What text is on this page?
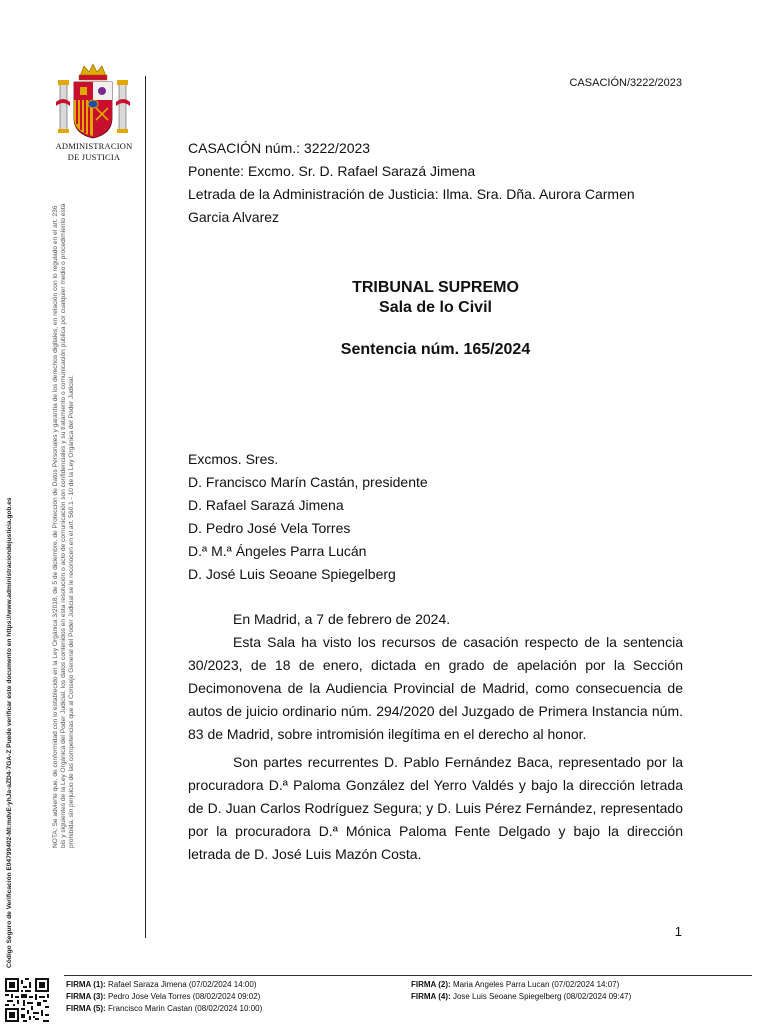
CASACIÓN/3222/2023
ADMINISTRACION
DE JUSTICIA
NOTA: Se advierte que, de conformidad con lo establecido en la Ley Orgánica 3/2018, de 5 de diciembre, de Protección de Datos Personales y garantía de los derechos digitales, en relación con lo regulado en el art. 236 bis y siguientes de la Ley Orgánica del Poder Judicial, los datos contenidos en esta resolución o acto de comunicación son confidenciales y su tratamiento o comunicación pública por cualquier medio o procedimiento está prohibida, sin perjuicio de las competencias que al Consejo General del Poder Judicial se le reconocen en el art. 560.1 - 10 de la Ley Orgánica del Poder Judicial.
Código Seguro de Verificación E04799402-MI:mdvE-yhJa-aZD4-7GA-Z Puede verificar este documento en https://www.administraciondejusticia.gob.es
CASACIÓN núm.: 3222/2023
Ponente: Excmo. Sr. D. Rafael Sarazá Jimena
Letrada de la Administración de Justicia: Ilma. Sra. Dña. Aurora Carmen
Garcia Alvarez
TRIBUNAL SUPREMO
Sala de lo Civil
Sentencia núm. 165/2024
Excmos. Sres.
D. Francisco Marín Castán, presidente
D. Rafael Sarazá Jimena
D. Pedro José Vela Torres
D.ª M.ª Ángeles Parra Lucán
D. José Luis Seoane Spiegelberg
En Madrid, a 7 de febrero de 2024.
Esta Sala ha visto los recursos de casación respecto de la sentencia 30/2023, de 18 de enero, dictada en grado de apelación por la Sección Decimonovena de la Audiencia Provincial de Madrid, como consecuencia de autos de juicio ordinario núm. 294/2020 del Juzgado de Primera Instancia núm. 83 de Madrid, sobre intromisión ilegítima en el derecho al honor.
Son partes recurrentes D. Pablo Fernández Baca, representado por la procuradora D.ª Paloma González del Yerro Valdés y bajo la dirección letrada de D. Juan Carlos Rodríguez Segura; y D. Luis Pérez Fernández, representado por la procuradora D.ª Mónica Paloma Fente Delgado y bajo la dirección letrada de D. José Luis Mazón Costa.
1
FIRMA (1): Rafael Saraza Jimena (07/02/2024 14:00)	FIRMA (2): Maria Angeles Parra Lucan (07/02/2024 14:07)
FIRMA (3): Pedro Jose Vela Torres (08/02/2024 09:02)	FIRMA (4): Jose Luis Seoane Spiegelberg (08/02/2024 09:47)
FIRMA (5): Francisco Marin Castan (08/02/2024 10:00)
